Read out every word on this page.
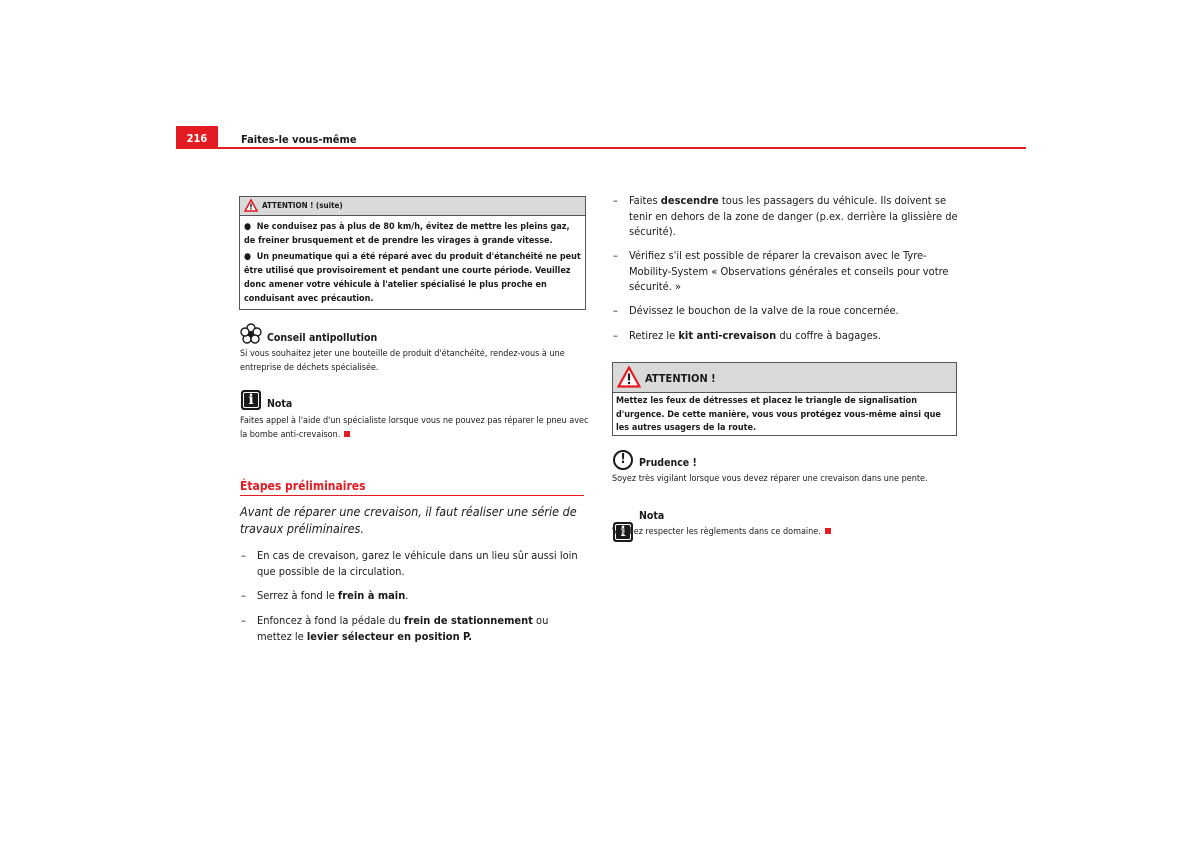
216	Faites-le vous-même
ATTENTION ! (suite)

●  Ne conduisez pas à plus de 80 km/h, évitez de mettre les pleins gaz, de freiner brusquement et de prendre les virages à grande vitesse.

●  Un pneumatique qui a été réparé avec du produit d'étanchéité ne peut être utilisé que provisoirement et pendant une courte période. Veuillez donc amener votre véhicule à l'atelier spécialisé le plus proche en conduisant avec précaution.

Conseil antipollution
Si vous souhaitez jeter une bouteille de produit d'étanchéité, rendez-vous à une entreprise de déchets spécialisée.
i
Nota
Faites appel à l'aide d'un spécialiste lorsque vous ne pouvez pas réparer le pneu avec la bombe anti-crevaison.
Étapes préliminaires
Avant de réparer une crevaison, il faut réaliser une série de travaux préliminaires.
– En cas de crevaison, garez le véhicule dans un lieu sûr aussi loin que possible de la circulation.
– Serrez à fond le frein à main.
– Enfoncez à fond la pédale du frein de stationnement ou mettez le levier sélecteur en position P.
– Faites descendre tous les passagers du véhicule. Ils doivent se tenir en dehors de la zone de danger (p.ex. derrière la glissière de sécurité).
– Vérifiez s'il est possible de réparer la crevaison avec le Tyre-Mobility-System « Observations générales et conseils pour votre sécurité. »
– Dévissez le bouchon de la valve de la roue concernée.
– Retirez le kit anti-crevaison du coffre à bagages.
ATTENTION !
Mettez les feux de détresses et placez le triangle de signalisation d'urgence. De cette manière, vous vous protégez vous-même ainsi que les autres usagers de la route.
!	Prudence !
Soyez très vigilant lorsque vous devez réparer une crevaison dans une pente.
i
Nota
Veuillez respecter les règlements dans ce domaine.
